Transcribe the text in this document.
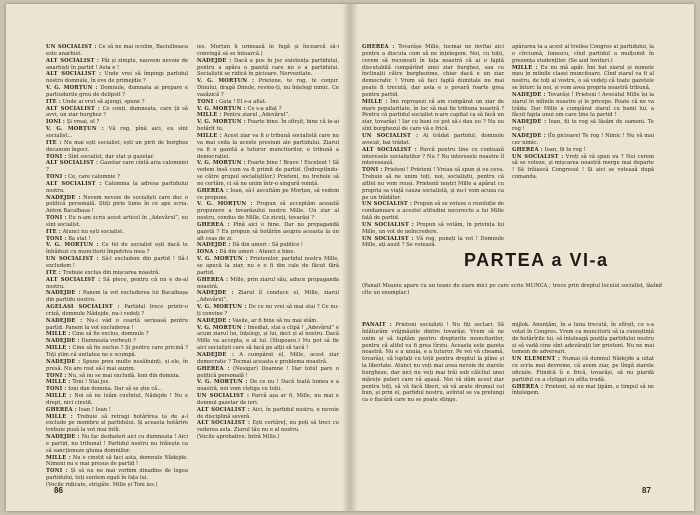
UN SOCIALIST : Ce să ne mai ocolim, Baciulboaca este anarhist.

ALT SOCIALIST : Păi și zimplu, nauvem nevoie de anarhiști în partid ! Asta e !

ALT SOCIALIST : Unde vrei să împingi partidul nostru domnule, în eve de primejdie ?

V. G. MORȚUN : Domnule, dumnata ai prepare e partiudurile greu de delipsit ?

ITE : Unde ai vrut să ajungi, spune ?

ALT SOCIALIST : Ce conți, dumneata, care ții să avvi, un ziar burghez ?

IONI : Și vreai, el ?

V. G. MORȚUN : Vă rog, pînă aici, eu sînt socialist...

ITE : Nu mai ești socialist, ești un pirit de burghez decanum îngoci.

TONI : Sînt socialist, dar stat și gazetar.

ALT SOCIALIST : Gazetar care cîntă aria calomniei ?

TONI : Ce, care calomnie ?

ALT SOCIALIST : Calomnia la adresa partidului nostru.

NADEJDE : Nevem nevoie de socialiști care duc o politică personală. Știți pirie lume în ce ape scria. Anton Bacalbașa !

TONI : Eu n-am scris acest articol în „Adevărul”, eu sînt socialist.

ITE : Atunci nu ești socialist.

TONI : Ba stat !

V. G. MORȚUN : Ce fel de socialist ești dacă te înhăitezi cu muncitorii împotriva mea ?

UN SOCIALIST : Să-l excludem din partid ! Să-l excludem !

ITE : Trebuie exclus din mișcarea noastră.

ALT SOCIALIST : Să plece, pentru că nu e de-al nostru.

NADEJDE : Panem la vot excluderea lui Bacalbașa din partidu nostru.

AGELASI SOCIALIST : Partidul trece printr-o criză, domnule Nădejde, nu-i vedeți ?

NADEJDE : Nu-i văd o ceartă serioasă pentru partid. Panem la vot excluderea !

MILLE : Cine să fie exclus, domnule ?

NADEJDE : Dumneata vorbești ?

MILLE : Cine să fie exclus ? Și pentru care pricină ? Toți știm că unitatea ne e scumpă.

NADEJDE : Spune preu multe nesăbuinți, și ele, în presă. Nu are rost să-l mai auzim.

TONI : Nu, să nu se mai excludă. Ioni din domnia.

MILLE : Toni ! Stai jos.

TONI : Ioni dan domnia. Dar să se știe că...

MILLE : Noi să ne luăm cuvîntul, Nădejde ! Nu e drept, nici cinstit.

GHEREA : Ioan ! Ioan !

MILLE : Trebuie să retragi hotărîrea ta de a-l exclude pe membru al partidului. Și aceasta hotărîre trebuie pusă la vot mai întîi.

NADEJDE : Nu fac dezbateri aici cu dumneata ! Aici e partid, nu tribunal ! Partidul nostru nu trăiește ca să sancționeze gluma domniilor.

MILLE : Nu e cinstit să faci asta, domnule Nădejde. Nimeni nu e mai presus de partid !

TONI : Și să nu ne mai vorbim dinadins de legea partidului, toți suntem egali în fața lui.

(Vocile ridicate, strigăte. Mille și Toni ies.)

ies. Morțun îi urmează în fugă și încearcă să-i convingă să se întoarcă.)

NADEJDE : Dacă a pus în joc existența partidului, pentru a apăra o gazetă care nu e a partidului. Socialiștii se ridică în picioare. Nervozitate.

V. G. MORȚUN : Prietene, te rog, te conjur. Dinului, dragă Dinule, revino-ți, nu înțelegi nimic. Ce vasăzică ?

TONI : Gata ! El s-a aflat.

V. G. MORȚUN : Ce s-a aflat ?

MILLE : Pentru ziarul „Adevărul”.

V. G. MORȚUN : Foarte bine. În sfîrșit, bine că te-ai hotărît tu.

MILLE : Acest ziar va fi o tribună socialistă care nu va mai ceda la aceste presiuni ale partidului. Ziarul va fi o gazetă a tuturor muncitorilor, o tribună a democrației.

V. G. MORȚUN : Foarte bine ! Bravo ! Excelent ! Să vedem însă cum va fi primit de partid. (Îndreptîndu-se către grupul socialiștilor.) Prieteni, nu trebuie să ne certăm, ci să ne unim într-o singură voință.

GHEREA : Ioan, să-l ascultăm pe Morțun, să vedem ce propune.

V. G. MORȚUN : Propun să acceptăm această propunere a tovarășului nostru Mille. Un ziar al nostru, condus de Mille. Ce ziceți, tovarăși ?

GHEREA : Pînă aici e bine. Dar nu propagandă gazetă ? Eu propun să hotărîm asupra aceasta la un alt ceas de zi.

NADEJDE : Dă din umeri : Să publice !

IONA : Dă din umeri : Atunci e bine.

V. G. MORȚUN : Prietenilor, partidul nostru Mille, se apucă la ziar, nu e o fi din cale de făcut fără partid.

GHEREA : Mille, prin ziarul său, aduce propaganda noastră.

NADEJDE : Ziarul îl conduce el, Mille, ziarul „Adevărul”.

V. G. MORȚUN : De ce nu vrei să mai stai ? Ce nu-ți convine ?

NADEJDE : Vasile, ar fi bine să nu mai stăm.

V. G. MORȚUN : Imediat, stai o clipă ! „Adevărul” e acum ziarul lui, înțelegi, și lui, deci și al nostru. Dacă Mille va accepta, e al lui. (Stupoare.) Nu pot să fie aici socialiști care să facă pe alții să tacă !

NADEJDE : A cumpărat el, Mille, acest ziar democratic ? Tocmai aceasta e problema noastră.

GHEREA : (Nesigur) Doamne ! Dar totul pare o politică personală !

V. G. MORȚUN : De ce nu ! Dacă toată lumea e a noastră, noi vom cîștiga cu toții.

UN SOCIALIST : Parcă așa ar fi, Mille, nu mai e domnul gazetar de ieri.

ALT SOCIALIST : Aici, în partidul nostru, e nevoie de disciplină severă.

ALT SOCIALIST : Ești certăreț, nu poți să treci cu vederea asta. Ziarul tău nu e al nostru.

(Vocile aprobative. Intră Mille.)

86

GHEREA : Tovarășe Mille, tocmai ne invitai aici pentru a discuta cum să ne înțelegem. Noi, cu toții, cerem să recunoști în fața noastră că ai o faptă discutabilă cumpărînd unei ziar burghez, sau cu înclinații către burghezime, chiar dacă e un ziar democratic ! Vrem să faci faptă dumitale nu mai poate fi trecută, dar asta e o povară foarte grea pentru partid.

MILLE : Îmi reproșezi că am cumpărat un ziar de mare popularitate, în loc să mai fie tribuna noastră ? Pentru că partidul socialist n-are capital ca să facă un ziar, tovarăși ! Iar cu bani ce pot să-i dau eu ? Nu eu sînt burghezul de care vă e frică.

UN SOCIALIST : Ai trădat partidul, domnule avocat, bai trădat.

ALT SOCIALIST : Parcă pentru tine ce contează interesele socialiștilor ? Nu ? Nu interesele noastre îl interesează.

TONI : Prieteni ! Prieteni ! Vreau să spun și eu ceva. Trebuie să ne unim toți, noi, socialiștii, pentru că altfel nu vom reuși. Prietenii noștri Mille a apărat cu propria sa viață cauza socialistă, și nu-l vom acuza ca pe un trădător.

UN SOCIALIST : Propun să se voteze o rezoluție de condamnare a acestei atitudini necorecte a lui Mille față de partid.

UN SOCIALIST : Propun să votăm, în privința lui Mille, un vot de neîncredere.

UN SOCIALIST : Vă rog, puneți la vot ! Domnule Mille, ați auzit ? Se votează.

apărarea ta a acest al treilea Congres al partidului, la o cîrciumă, Ionescu, cînd partidul a mulțumit în prezența studenților. (Se aud lovituri.)

MILLE : Eu nu mă apăr. Îmi bat ziarul și numele meu în mîinile clasei muncitoare. Cînd ziarul va fi al nostru, de toți al vostru, o să vedeți că toate gazetele se întorc la noi, și vom avea propria noastră tribună.

NADEJDE : Tovarăși ! Prieteni ! Avocatul Mille își ia ziarul în mîinile noastre și le pricepe. Poate că ne va trăda. Dar Mille a cumpărat ziarul cu banii lui, a făcut fapta unui om care ține la partid !

NADEJDE : Ioan, fii te rog să lăsăm de oameni. Te rog !

NADEJDE : (În picioare) Te rog ! Nimic ! Nu vă mai cer nimic.

GHEREA : Ioan, fii te rog !

UN SOCIALIST : Vreți să vă spun eu ? Noi cerem să se voteze, și mișcarea noastră merge mai departe ! Să trăiască Congresul ! Și aici se votează după comanda.

PARTEA a VI-a
(Panait Mușoiu apare cu un teanc de ziare mici pe care scrie MUNCA ; trece prin dreptul locului socialist, lăsînd cîte un exemplar.)

PANAIT : Prieteni socialiști ! Nu fiți sectari. Să înlăturăm vrăjmășiile dintre tovarăși. Vrem să ne unim și să luptăm pentru drepturile muncitorilor, pentru că altfel va fi prea tîrziu. Aceasta este gazeta noastră. Nu e a unuia, e a tuturor. Pe voi vă cheamă, tovarăși, să luptați cu toții pentru dreptul la pîine și la libertate. Atunci nu veți mai avea nevoie de ziarele burgheze, dar nici nu veți mai trăi sub călcîiul unei mărețe puteri care vă apasă. Noi vă dăm acest ziar pentru toți, să vă facă liberi, să vă arate drumul cel bun, și prin el, partidul nostru, avîntul se va prelungi ca o flacără care nu se poate stinge.

mijlok. Anunțăm, în a luna trecută, în sfîrșit, ce s-a votat în Congres. Vrem ca muncitorii să ia cunoștință de hotărîrile lui, să înțeleagă poziția partidului nostru și să vadă cine sînt adevărații lor prieteni. Nu ne mai temem de adversari.

UN ELEMENT : Numai că domnul Nădejde a uitat ce scria mai devreme, că avem ziar, pe lîngă ziarele oficiale. Fiindcă îi e frică, tovarăși, să nu piardă partidul ce a cîștigat cu atîta trudă.

GHEREA : Prieteni, să nu mai țipăm, e timpul să ne înțelegem.

87
